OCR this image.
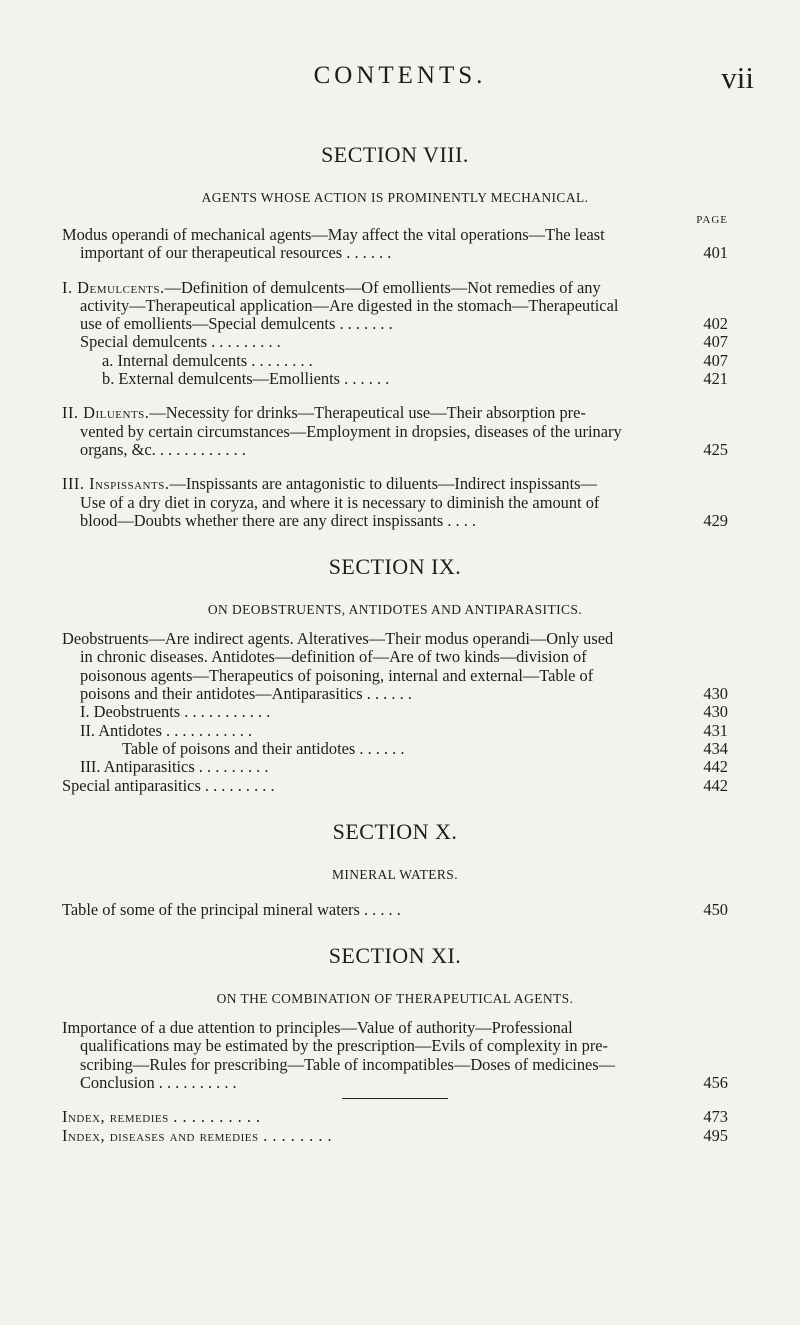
CONTENTS.	vii
SECTION VIII.
AGENTS WHOSE ACTION IS PROMINENTLY MECHANICAL.
PAGE
Modus operandi of mechanical agents—May affect the vital operations—The least
important of our therapeutical resources . . . . . .	401
I. Demulcents.—Definition of demulcents—Of emollients—Not remedies of any
activity—Therapeutical application—Are digested in the stomach—Therapeutical
use of emollients—Special demulcents . . . . . . .	402
Special demulcents . . . . . . . . .	407
a. Internal demulcents . . . . . . . .	407
b. External demulcents—Emollients . . . . . .	421
II. Diluents.—Necessity for drinks—Therapeutical use—Their absorption pre-
vented by certain circumstances—Employment in dropsies, diseases of the urinary
organs, &c. . . . . . . . . . . .	425
III. Inspissants.—Inspissants are antagonistic to diluents—Indirect inspissants—
Use of a dry diet in coryza, and where it is necessary to diminish the amount of
blood—Doubts whether there are any direct inspissants . . . .	429
SECTION IX.
ON DEOBSTRUENTS, ANTIDOTES AND ANTIPARASITICS.
Deobstruents—Are indirect agents. Alteratives—Their modus operandi—Only used
in chronic diseases. Antidotes—definition of—Are of two kinds—division of
poisonous agents—Therapeutics of poisoning, internal and external—Table of
poisons and their antidotes—Antiparasitics . . . . . .	430
I. Deobstruents . . . . . . . . . . .	430
II. Antidotes . . . . . . . . . . .	431
Table of poisons and their antidotes . . . . . .	434
III. Antiparasitics . . . . . . . . .	442
Special antiparasitics . . . . . . . . .	442
SECTION X.
MINERAL WATERS.
Table of some of the principal mineral waters . . . . .	450
SECTION XI.
ON THE COMBINATION OF THERAPEUTICAL AGENTS.
Importance of a due attention to principles—Value of authority—Professional
qualifications may be estimated by the prescription—Evils of complexity in pre-
scribing—Rules for prescribing—Table of incompatibles—Doses of medicines—
Conclusion . . . . . . . . . .	456
Index, remedies . . . . . . . . . .	473
Index, diseases and remedies . . . . . . . .	495
